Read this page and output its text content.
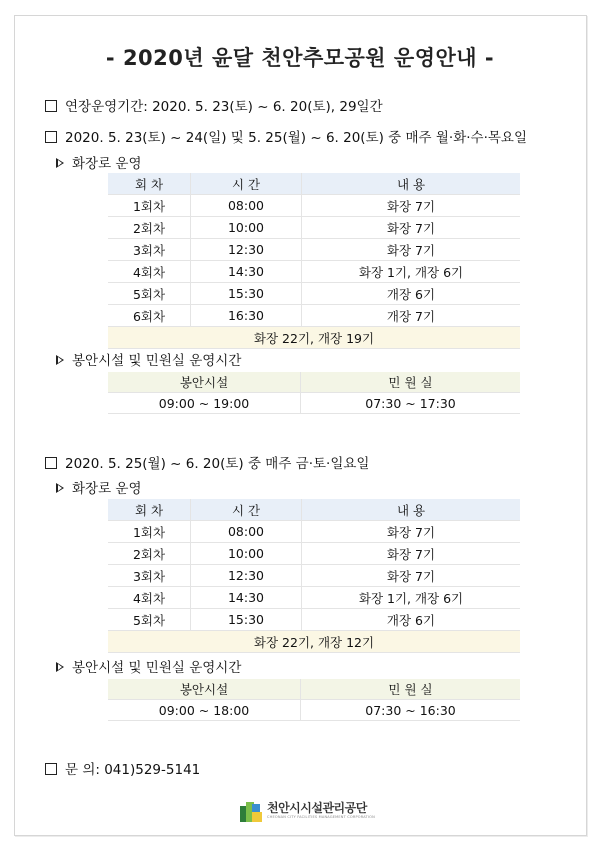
- 2020년 윤달 천안추모공원 운영안내 -
연장운영기간: 2020. 5. 23(토) ~ 6. 20(토), 29일간
2020. 5. 23(토) ~ 24(일) 및 5. 25(월) ~ 6. 20(토) 중 매주 월·화·수·목요일
화장로 운영
회 차	시 간	내 용
1회차	08:00	화장 7기
2회차	10:00	화장 7기
3회차	12:30	화장 7기
4회차	14:30	화장 1기, 개장 6기
5회차	15:30	개장 6기
6회차	16:30	개장 7기
화장 22기, 개장 19기		
봉안시설 및 민원실 운영시간
봉안시설	민 원 실
09:00 ~ 19:00	07:30 ~ 17:30
2020. 5. 25(월) ~ 6. 20(토) 중 매주 금·토·일요일
화장로 운영
회 차	시 간	내 용
1회차	08:00	화장 7기
2회차	10:00	화장 7기
3회차	12:30	화장 7기
4회차	14:30	화장 1기, 개장 6기
5회차	15:30	개장 6기
화장 22기, 개장 12기		
봉안시설 및 민원실 운영시간
봉안시설	민 원 실
09:00 ~ 18:00	07:30 ~ 16:30
문 의: 041)529-5141
천안시시설관리공단
CHEONAN CITY FACILITIES MANAGEMENT CORPORATION
